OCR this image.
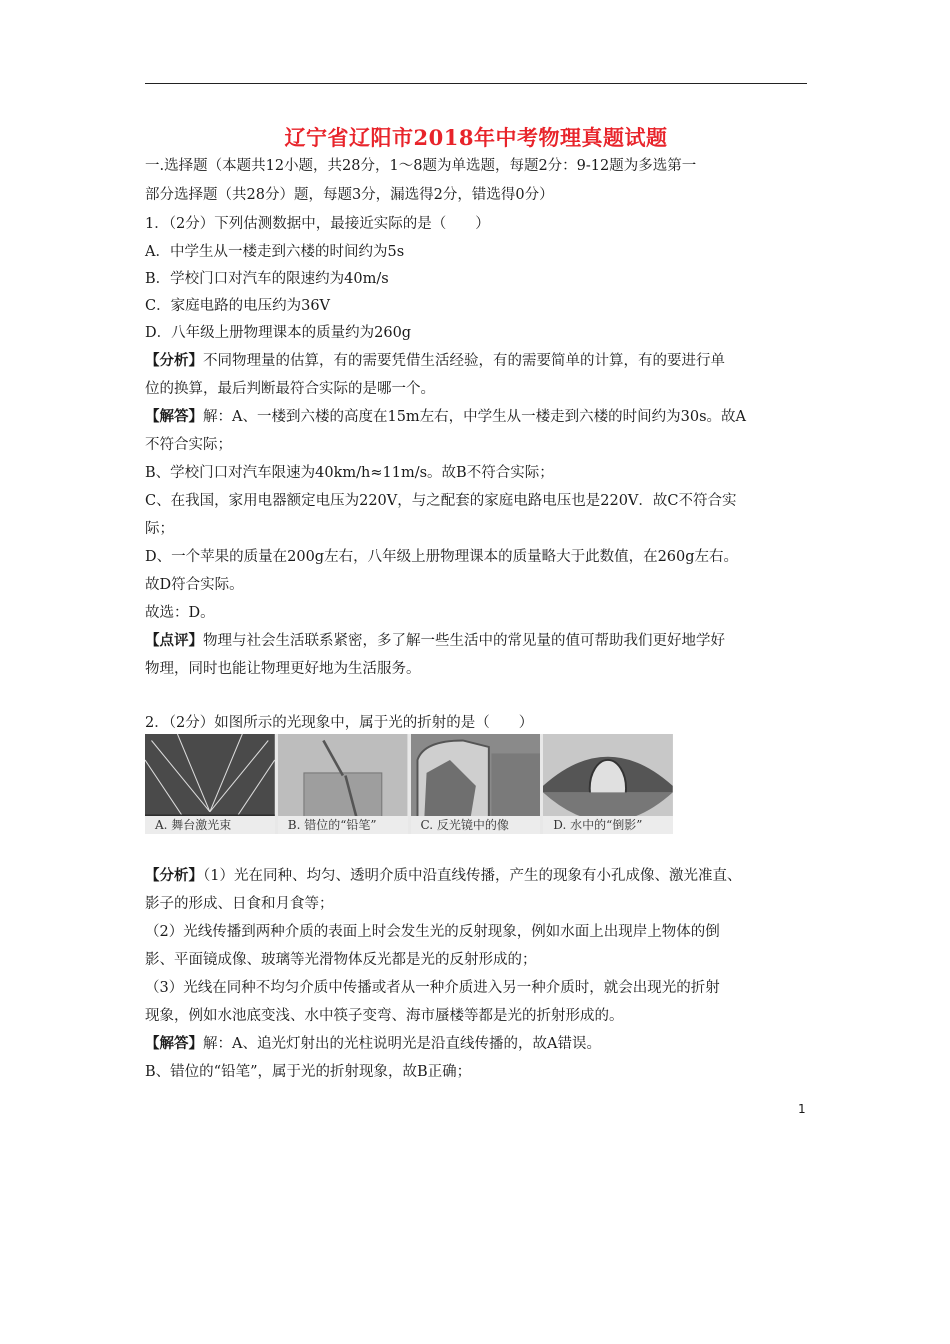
辽宁省辽阳市2018年中考物理真题试题
一.选择题（本题共12小题，共28分，1～8题为单选题，每题2分：9-12题为多选第一
部分选择题（共28分）题，每题3分，漏选得2分，错选得0分）
1．（2分）下列估测数据中，最接近实际的是（　　）
A．中学生从一楼走到六楼的时间约为5s
B．学校门口对汽车的限速约为40m/s
C．家庭电路的电压约为36V
D．八年级上册物理课本的质量约为260g
【分析】不同物理量的估算，有的需要凭借生活经验，有的需要简单的计算，有的要进行单
位的换算，最后判断最符合实际的是哪一个。
【解答】解：A、一楼到六楼的高度在15m左右，中学生从一楼走到六楼的时间约为30s。故A
不符合实际；
B、学校门口对汽车限速为40km/h≈11m/s。故B不符合实际；
C、在我国，家用电器额定电压为220V，与之配套的家庭电路电压也是220V．故C不符合实
际；
D、一个苹果的质量在200g左右，八年级上册物理课本的质量略大于此数值，在260g左右。
故D符合实际。
故选：D。
【点评】物理与社会生活联系紧密，多了解一些生活中的常见量的值可帮助我们更好地学好
物理，同时也能让物理更好地为生活服务。
2．（2分）如图所示的光现象中，属于光的折射的是（　　）
A. 舞台激光束	B. 错位的“铅笔”	C. 反光镜中的像	D. 水中的“倒影”
【分析】（1）光在同种、均匀、透明介质中沿直线传播，产生的现象有小孔成像、激光准直、
影子的形成、日食和月食等；
（2）光线传播到两种介质的表面上时会发生光的反射现象，例如水面上出现岸上物体的倒
影、平面镜成像、玻璃等光滑物体反光都是光的反射形成的；
（3）光线在同种不均匀介质中传播或者从一种介质进入另一种介质时，就会出现光的折射
现象，例如水池底变浅、水中筷子变弯、海市蜃楼等都是光的折射形成的。
【解答】解：A、追光灯射出的光柱说明光是沿直线传播的，故A错误。
B、错位的“铅笔”，属于光的折射现象，故B正确；
1
